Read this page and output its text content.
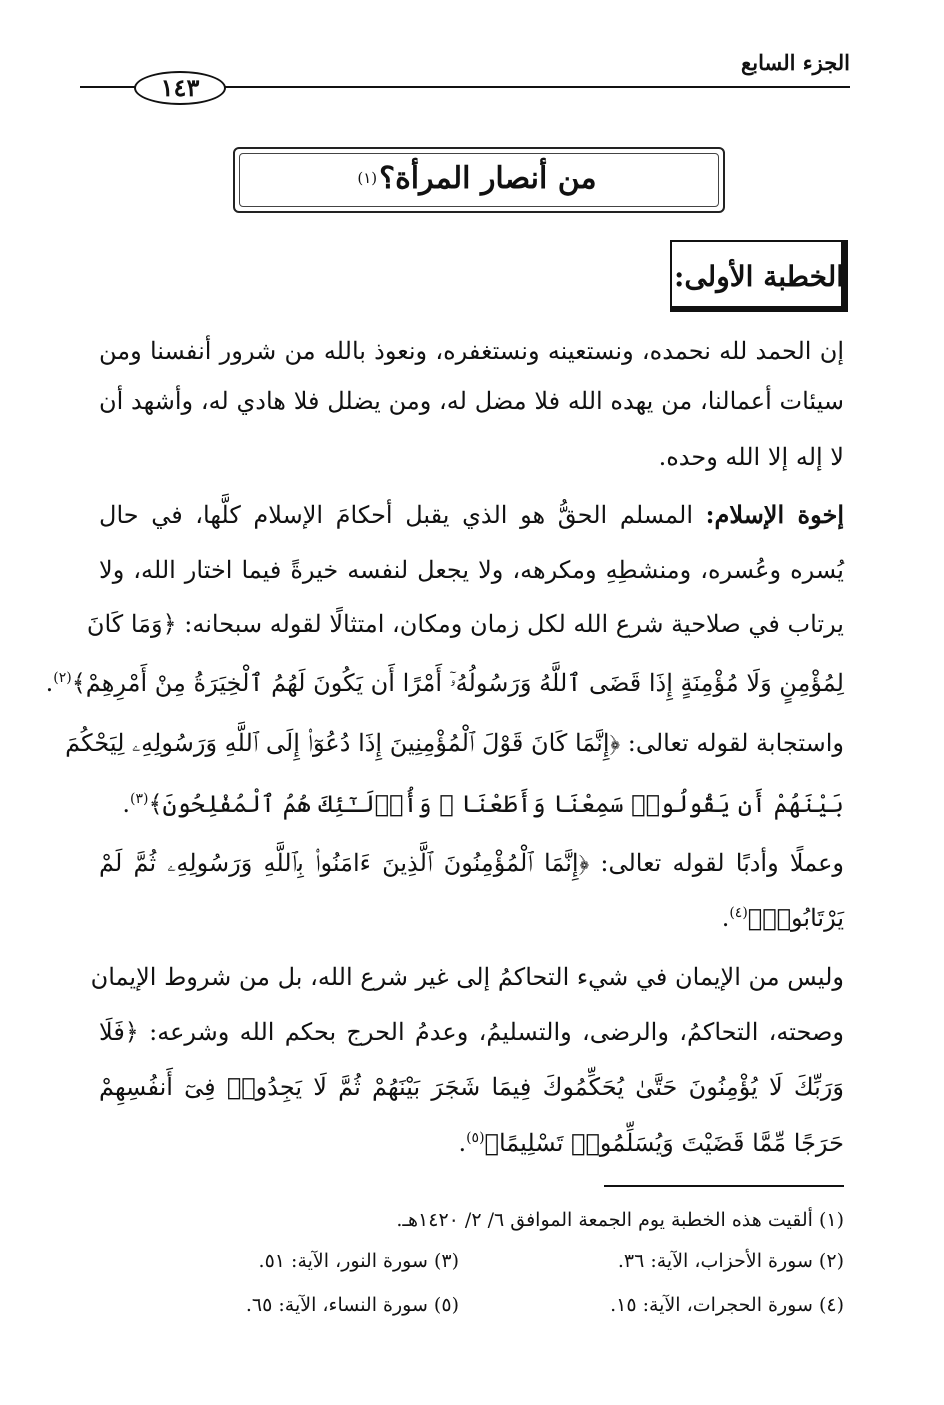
الجزء السابع
١٤٣
من أنصار المرأة؟
(١)
الخطبة الأولى:
إن الحمد لله نحمده، ونستعينه ونستغفره، ونعوذ بالله من شرور أنفسنا ومن
سيئات أعمالنا، من يهده الله فلا مضل له، ومن يضلل فلا هادي له، وأشهد أن
لا إله إلا الله وحده.
إخوة الإسلام: المسلم الحقُّ هو الذي يقبل أحكامَ الإسلام كلَّها، في حال
يُسره وعُسره، ومنشطِهِ ومكرهه، ولا يجعل لنفسه خيرةً فيما اختار الله، ولا
يرتاب في صلاحية شرع الله لكل زمان ومكان، امتثالًا لقوله سبحانه: ﴿وَمَا كَانَ
لِمُؤْمِنٍ وَلَا مُؤْمِنَةٍ إِذَا قَضَى ٱللَّهُ وَرَسُولُهُۥٓ أَمْرًا أَن يَكُونَ لَهُمُ ٱلْخِيَرَةُ مِنْ أَمْرِهِمْ﴾$^{(٢)}$.
واستجابة لقوله تعالى: ﴿إِنَّمَا كَانَ قَوْلَ ٱلْمُؤْمِنِينَ إِذَا دُعُوٓا۟ إِلَى ٱللَّهِ وَرَسُولِهِۦ لِيَحْكُمَ
بَيْنَهُمْ أَن يَقُولُوا۟ سَمِعْنَا وَأَطَعْنَا ۚ وَأُو۟لَـٰٓئِكَ هُمُ ٱلْمُفْلِحُونَ﴾$^{(٣)}$.
وعملًا وأدبًا لقوله تعالى: ﴿إِنَّمَا ٱلْمُؤْمِنُونَ ٱلَّذِينَ ءَامَنُوا۟ بِٱللَّهِ وَرَسُولِهِۦ ثُمَّ لَمْ
يَرْتَابُوا۟﴾$^{(٤)}$.
وليس من الإيمان في شيء التحاكمُ إلى غير شرع الله، بل من شروط الإيمان
وصحته، التحاكمُ، والرضى، والتسليمُ، وعدمُ الحرج بحكم الله وشرعه: ﴿فَلَا
وَرَبِّكَ لَا يُؤْمِنُونَ حَتَّىٰ يُحَكِّمُوكَ فِيمَا شَجَرَ بَيْنَهُمْ ثُمَّ لَا يَجِدُوا۟ فِىٓ أَنفُسِهِمْ
حَرَجًا مِّمَّا قَضَيْتَ وَيُسَلِّمُوا۟ تَسْلِيمًا﴾$^{(٥)}$.
(١) ألقيت هذه الخطبة يوم الجمعة الموافق ٦/ ٢/ ١٤٢٠هـ.
(٢) سورة الأحزاب، الآية: ٣٦.
(٣) سورة النور، الآية: ٥١.
(٤) سورة الحجرات، الآية: ١٥.
(٥) سورة النساء، الآية: ٦٥.
